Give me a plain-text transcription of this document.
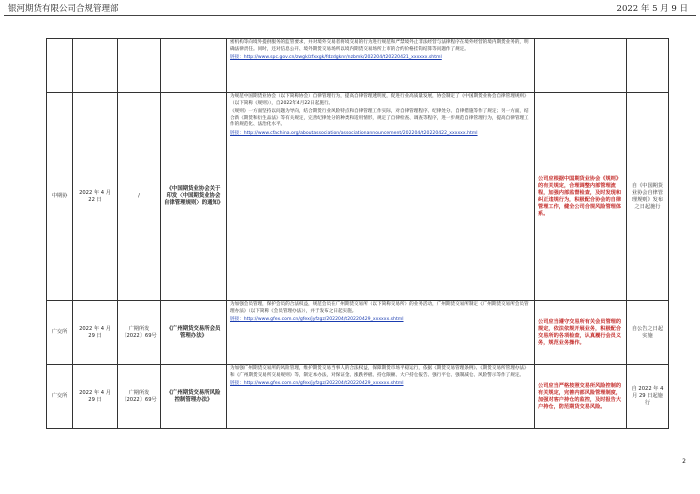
银河期货有限公司合规管理部	2022 年 5 月 9 日

				密机构等向境外提供服务的监管要求，并对境外交易者将境交易的行为进行规范和严禁境外止非法经营与法律程序在境外经营的境内期货业务的，明确法律责任。同时，还对信息公开、境外期货交易场所以境内期货交易场所上市的合约价格挂钩结算等问题作了规定。

链接：http://www.spc.gov.cn/zwgk/zfxxgk/fdzdgknr/nzbmk/202204/t20220421_xxxxxx.shtml		

中期协	2022 年 4 月 22 日	/	《中国期货业协会关于印发〈中国期货业协会自律管理规则〉的通知》	为规范中国期货业协会（以下简称协会）自律管理行为，提高自律管理透明度，促进行业高质量发展，协会制定了《中国期货业协会自律管理规则》（以下简称《规则》），自2022年4月22日起施行。

《规则》一方面坚持以问题为导向，结合期货行业风险特点和自律管理工作实际，对自律管理程序、纪律处分、自律措施等作了规定；另一方面，结合新《期货和衍生品法》等有关规定，完善纪律处分的种类和适用情形，规定了自律检查、调查等程序，进一步规范自律管理行为，提高自律管理工作的规范化、法治化水平。

链接：http://www.cfachina.org/aboutassociation/associationannouncement/202204/t20220422_xxxxxx.html	公司应根据中国期货业协会《规则》的有关规定，合理调整内部管理流程，加强内部监督检查，及时发现和纠正违规行为，积极配合协会的自律管理工作，健全公司合规风险管理体系。	自《中国期货业协会自律管理规则》发布之日起施行
广交所	2022 年 4 月 29 日	广期所发〔2022〕69号	《广州期货交易所会员管理办法》	为加强会员管理，保护会员的合法权益，规范会员在广州期货交易所（以下简称交易所）的业务活动，广州期货交易所制定《广州期货交易所会员管理办法》（以下简称《会员管理办法》），并于发布之日起实施。

链接：http://www.gfex.com.cn/gfex/jyfzgz/202204/t20220429_xxxxxx.shtml	公司应当遵守交易所有关会员管理的规定，依法依规开展业务，积极配合交易所的各项检查，认真履行会员义务，规范业务操作。	自公告之日起实施
广交所	2022 年 4 月 29 日	广期所发〔2022〕69号	《广州期货交易所风险控制管理办法》	为加强广州期货交易所的风险管理，维护期货交易当事人的合法权益，保障期货市场平稳运行，依据《期货交易管理条例》、《期货交易所管理办法》和《广州期货交易所交易规则》等，制定本办法，对保证金、涨跌停板、持仓限额、大户持仓报告、强行平仓、强制减仓、风险警示等作了规定。

链接：http://www.gfex.com.cn/gfex/jyfzgz/202204/t20220429_xxxxxx.shtml	公司应当严格按照交易所风险控制的有关规定，完善内部风险管理制度，加强对客户持仓的监控，及时报告大户持仓，防范期货交易风险。	自 2022 年 4 月 29 日起施行
2
